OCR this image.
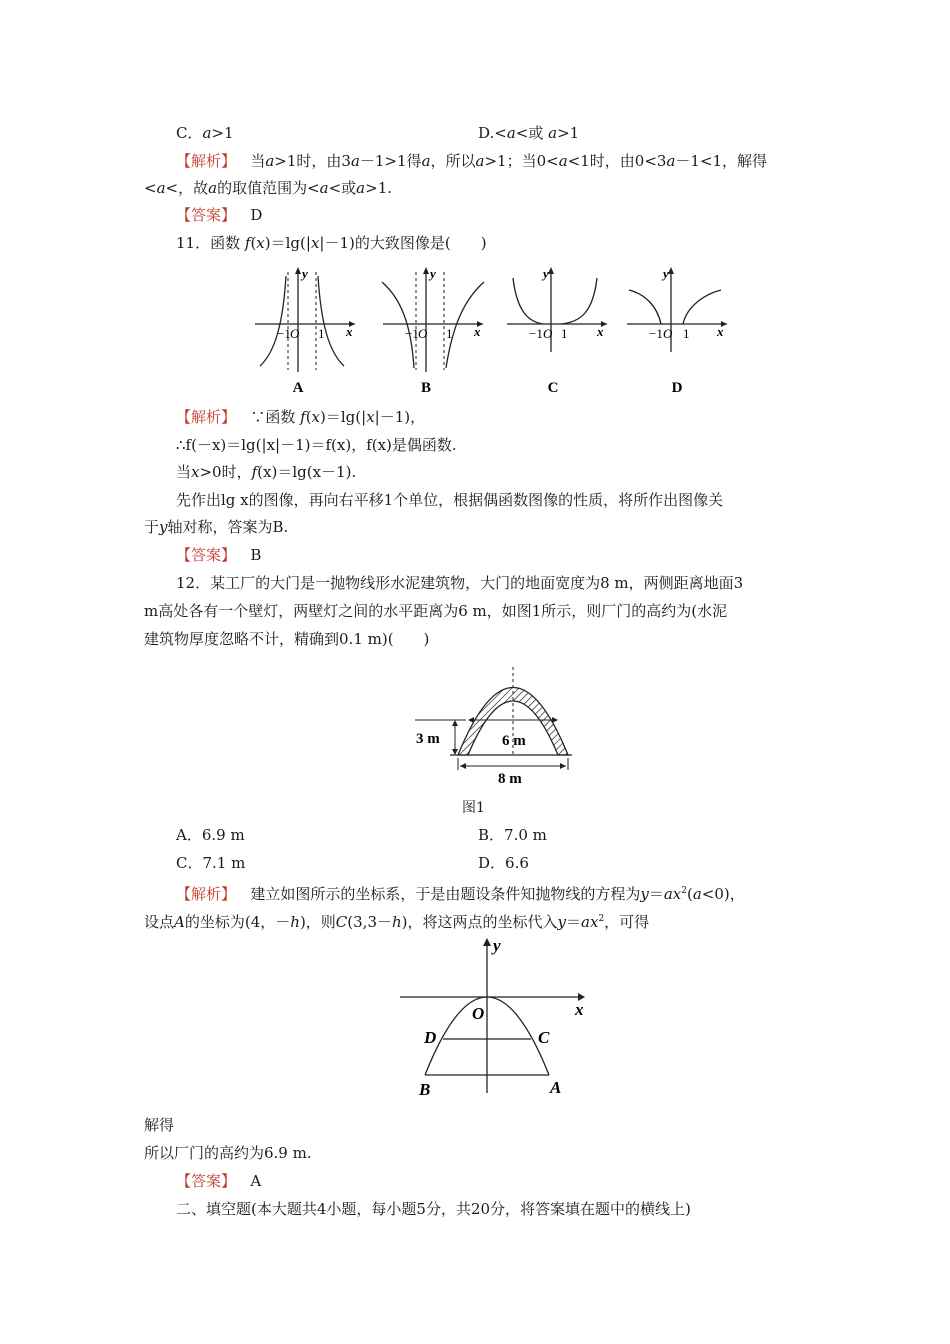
C．a>1	D.<a<或 a>1
【解析】 当a>1时，由3a－1>1得a，所以a>1；当0<a<1时，由0<3a－1<1，解得
<a<，故a的取值范围为<a<或a>1.
【答案】 D
11．函数 f(x)＝lg(|x|－1)的大致图像是(　　)
y
x
−1 O 1
A
y
x
−1 O 1
B
y
x
−1 O 1
C
y
x
−1 O 1
D
【解析】 ∵函数 f(x)＝lg(|x|－1)，
∴f(－x)＝lg(|x|－1)＝f(x)，f(x)是偶函数.
当x>0时，f(x)＝lg(x－1).
先作出lg x的图像，再向右平移1个单位，根据偶函数图像的性质，将所作出图像关
于y轴对称，答案为B.
【答案】 B
12．某工厂的大门是一抛物线形水泥建筑物，大门的地面宽度为8 m，两侧距离地面3
m高处各有一个壁灯，两壁灯之间的水平距离为6 m，如图1所示，则厂门的高约为(水泥
建筑物厚度忽略不计，精确到0.1 m)(　　)
3 m	6 m
8 m
图1
A．6.9 m	B．7.0 m
C．7.1 m	D．6.6
【解析】 建立如图所示的坐标系，于是由题设条件知抛物线的方程为$y=ax^2(a<0)$，
设点A的坐标为(4，－h)，则C(3,3－h)，将这两点的坐标代入$y=ax^2$，可得
y
x
O
D	C
B	A
解得
所以厂门的高约为6.9 m.
【答案】 A
二、填空题(本大题共4小题，每小题5分，共20分，将答案填在题中的横线上)
